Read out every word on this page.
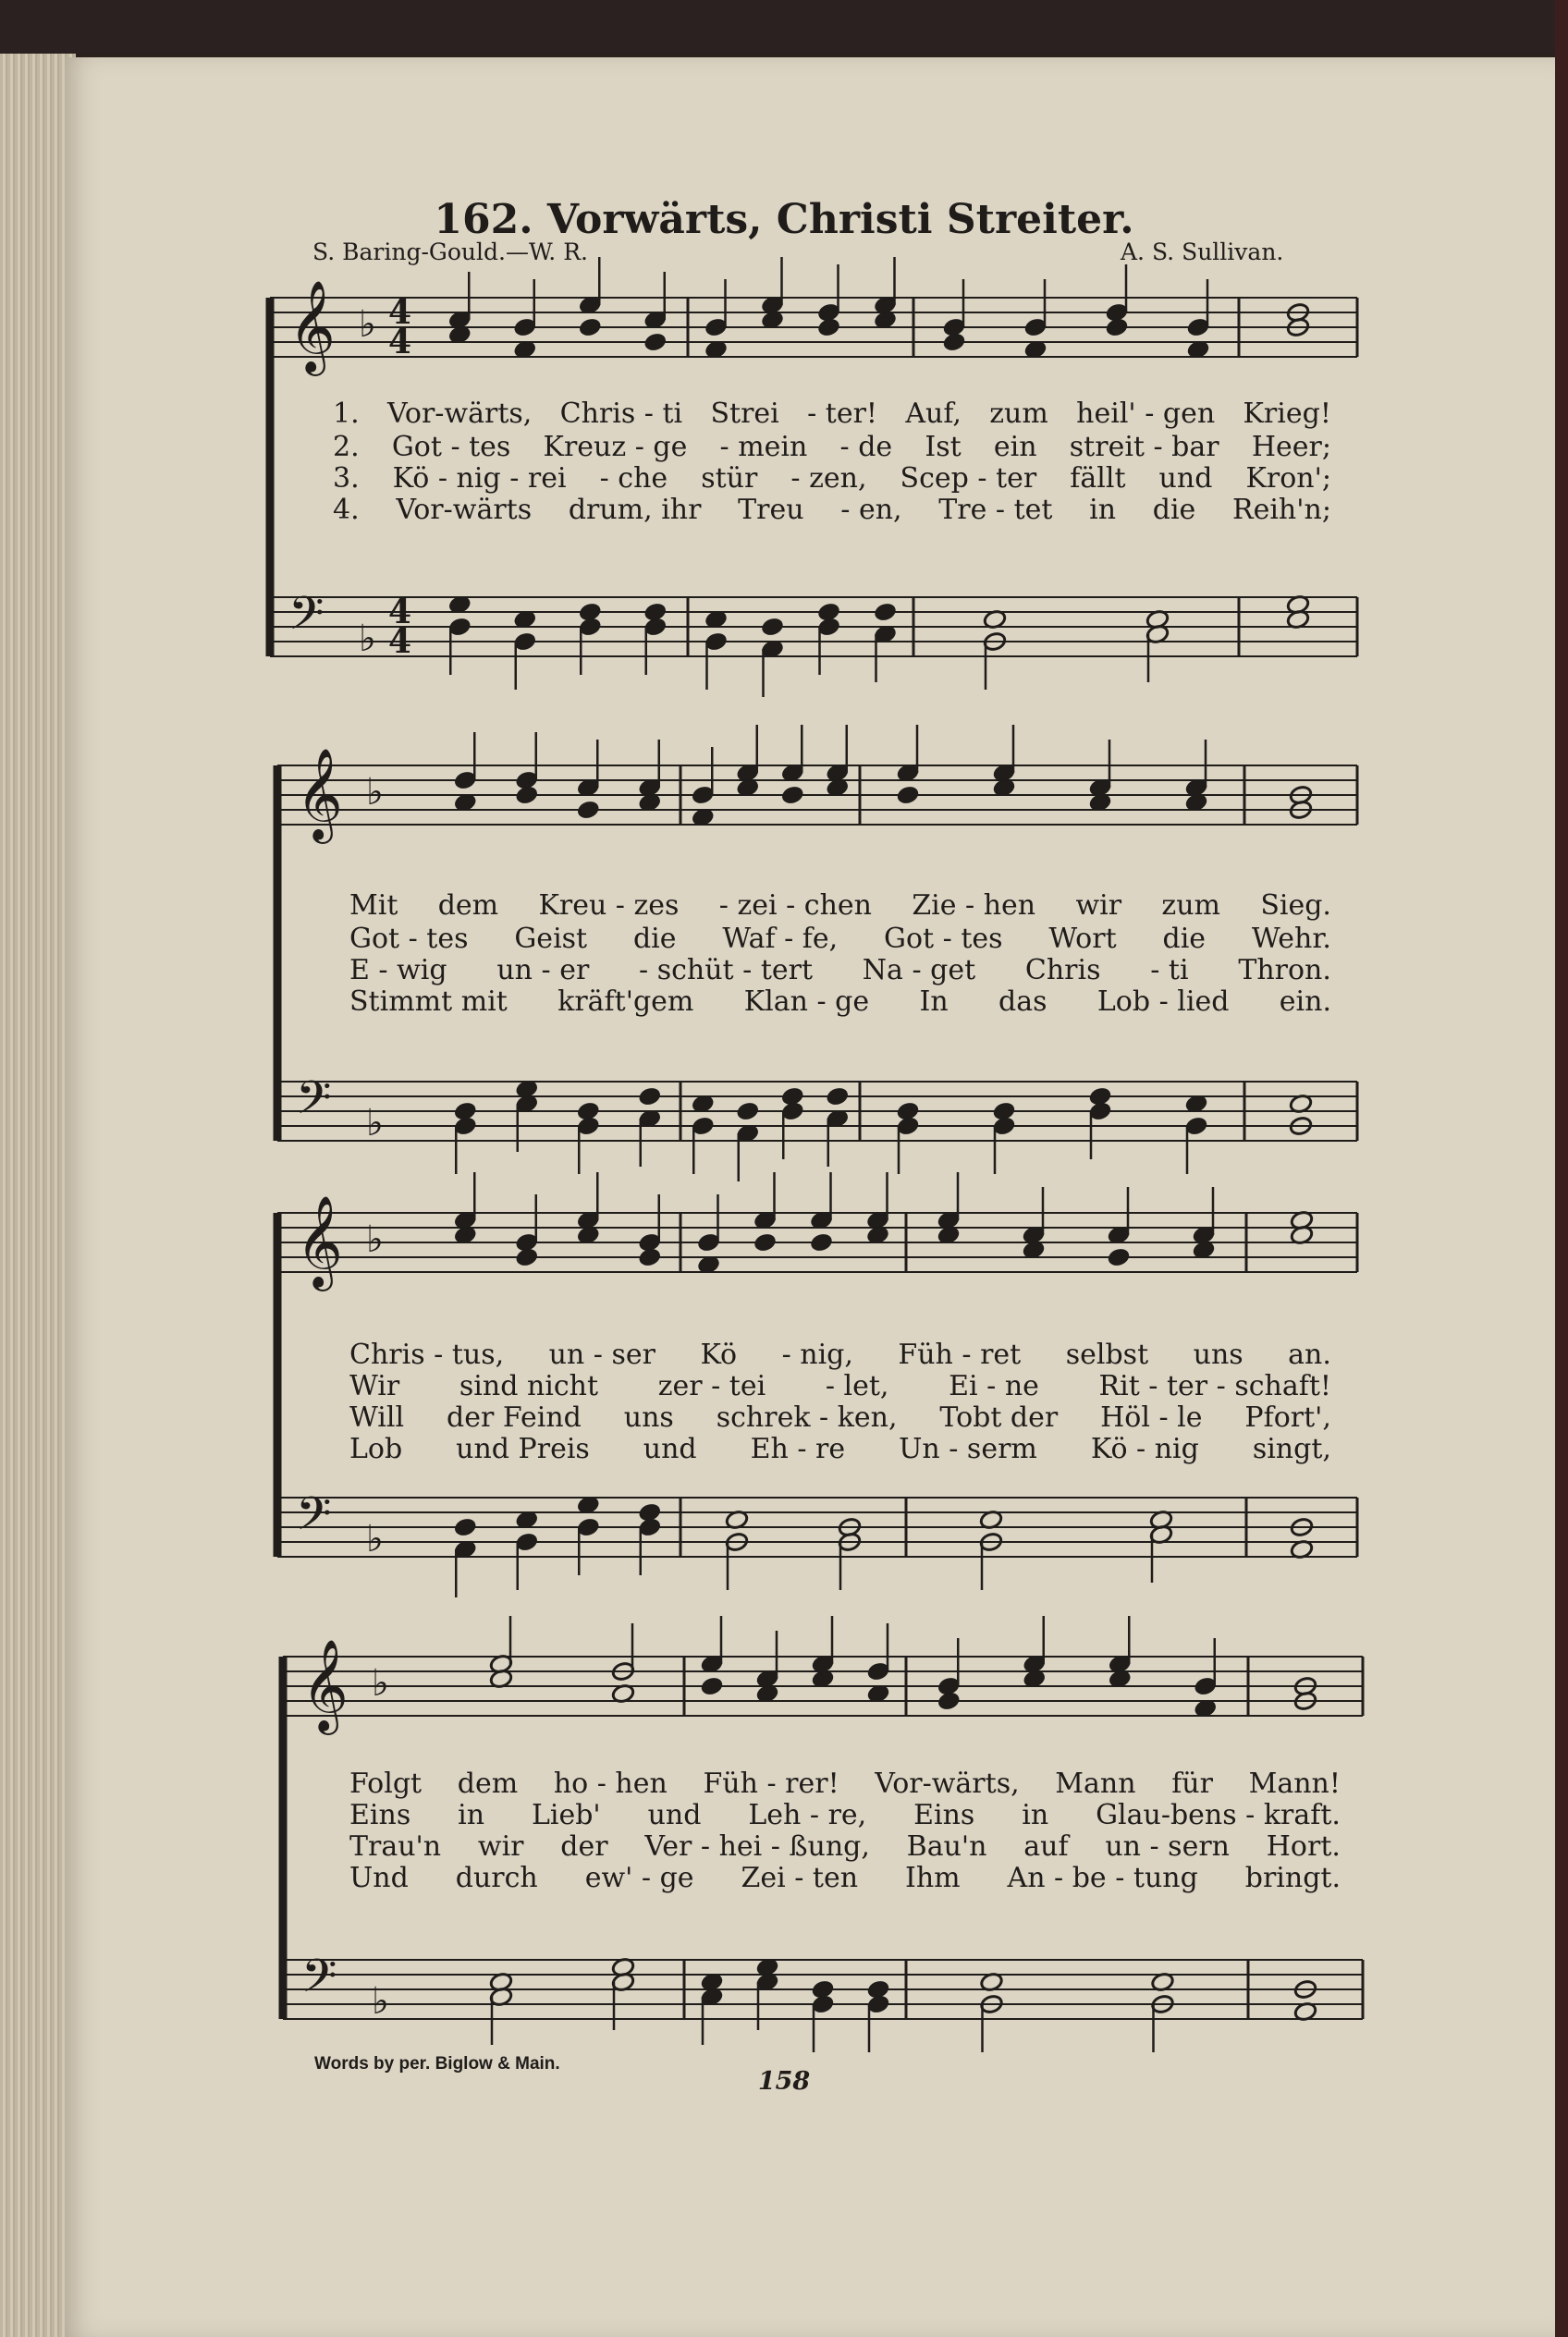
𝄞 ♭ 4
4
𝄢 ♭
4
4
𝄞 ♭
𝄢 ♭
𝄞 ♭
𝄢 ♭
𝄞 ♭
𝄢 ♭
162. Vorwärts, Christi Streiter.
S. Baring-Gould.—W. R.	A. S. Sullivan.
1. Vor-wärts, Chris - ti Strei - ter! Auf, zum heil' - gen Krieg!
2. Got - tes Kreuz - ge - mein - de Ist ein streit - bar Heer;
3. Kö - nig - rei - che stür - zen, Scep - ter fällt und Kron';
4. Vor-wärts drum, ihr Treu - en, Tre - tet in die Reih'n;
Mit dem Kreu - zes - zei - chen Zie - hen wir zum Sieg.
Got - tes Geist die Waf - fe, Got - tes Wort die Wehr.
E - wig un - er - schüt - tert Na - get Chris - ti Thron.
Stimmt mit kräft'gem Klan - ge In das Lob - lied ein.
Chris - tus, un - ser Kö - nig, Füh - ret selbst uns an.
Wir sind nicht zer - tei - let, Ei - ne Rit - ter - schaft!
Will der Feind uns schrek - ken, Tobt der Höl - le Pfort',
Lob und Preis und Eh - re Un - serm Kö - nig singt,
Folgt dem ho - hen Füh - rer! Vor-wärts, Mann für Mann!
Eins in Lieb' und Leh - re, Eins in Glau-bens - kraft.
Trau'n wir der Ver - hei - ßung, Bau'n auf un - sern Hort.
Und durch ew' - ge Zei - ten Ihm An - be - tung bringt.
Words by per. Biglow & Main.
158
